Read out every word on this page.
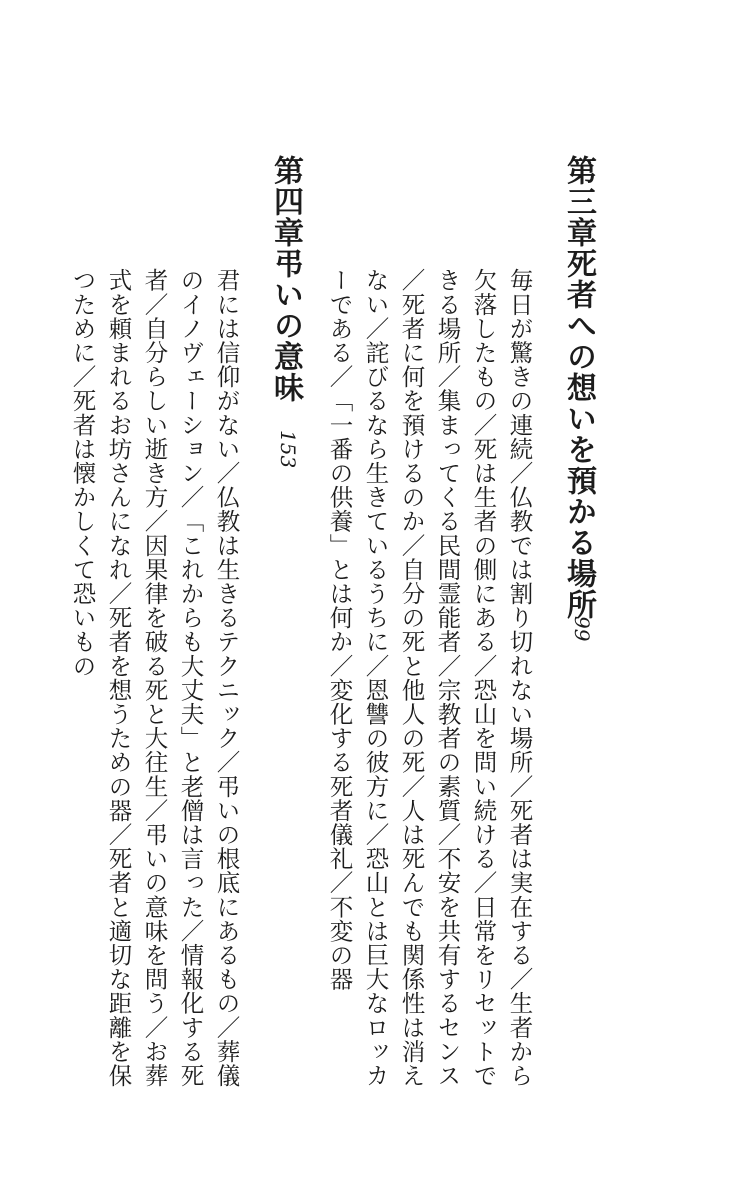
第三章死者への想いを預かる場所
99
毎日が驚きの連続／仏教では割り切れない場所／死者は実在する／生者から
欠落したもの／死は生者の側にある／恐山を問い続ける／日常をリセットで
きる場所／集まってくる民間霊能者／宗教者の素質／不安を共有するセンス
／死者に何を預けるのか／自分の死と他人の死／人は死んでも関係性は消え
ない／詫びるなら生きているうちに／恩讐の彼方に／恐山とは巨大なロッカ
ーである／「一番の供養」とは何か／変化する死者儀礼／不変の器
第四章弔いの意味
153
君には信仰がない／仏教は生きるテクニック／弔いの根底にあるもの／葬儀
のイノヴェーション／「これからも大丈夫」と老僧は言った／情報化する死
者／自分らしい逝き方／因果律を破る死と大往生／弔いの意味を問う／お葬
式を頼まれるお坊さんになれ／死者を想うための器／死者と適切な距離を保
つために／死者は懐かしくて恐いもの
